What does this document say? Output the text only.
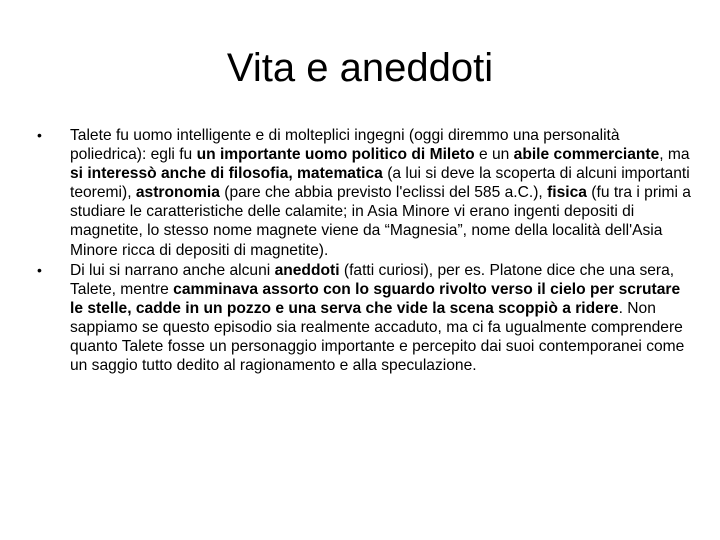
Vita e aneddoti
• Talete fu uomo intelligente e di molteplici ingegni (oggi diremmo una personalità poliedrica): egli fu un importante uomo politico di Mileto e un abile commerciante, ma si interessò anche di filosofia, matematica (a lui si deve la scoperta di alcuni importanti teoremi), astronomia (pare che abbia previsto l'eclissi del 585 a.C.), fisica (fu tra i primi a studiare le caratteristiche delle calamite; in Asia Minore vi erano ingenti depositi di magnetite, lo stesso nome magnete viene da “Magnesia”, nome della località dell'Asia Minore ricca di depositi di magnetite).
• Di lui si narrano anche alcuni aneddoti (fatti curiosi), per es. Platone dice che una sera, Talete, mentre camminava assorto con lo sguardo rivolto verso il cielo per scrutare le stelle, cadde in un pozzo e una serva che vide la scena scoppiò a ridere. Non sappiamo se questo episodio sia realmente accaduto, ma ci fa ugualmente comprendere quanto Talete fosse un personaggio importante e percepito dai suoi contemporanei come un saggio tutto dedito al ragionamento e alla speculazione.
